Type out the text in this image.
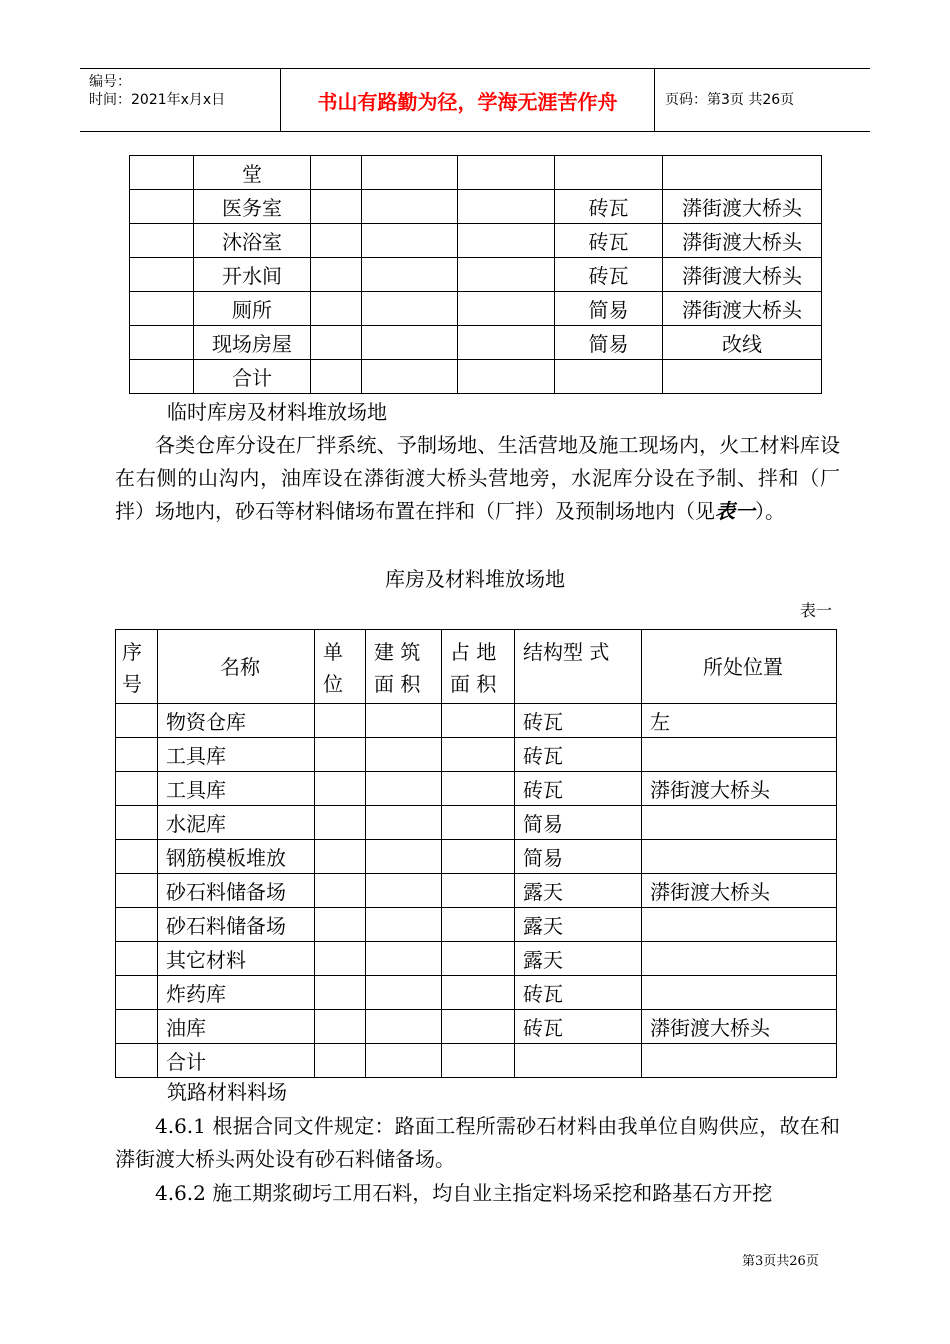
编号：
时间：2021年x月x日	书山有路勤为径，学海无涯苦作舟	页码：第3页 共26页
	堂					
	医务室				砖瓦	漭街渡大桥头
	沐浴室				砖瓦	漭街渡大桥头
	开水间				砖瓦	漭街渡大桥头
	厕所				简易	漭街渡大桥头
	现场房屋				简易	改线
	合计					
临时库房及材料堆放场地
各类仓库分设在厂拌系统、予制场地、生活营地及施工现场内，火工材料库设在右侧的山沟内，油库设在漭街渡大桥头营地旁，水泥库分设在予制、拌和（厂拌）场地内，砂石等材料储场布置在拌和（厂拌）及预制场地内（见表一）。
库房及材料堆放场地
表一
序号	名称	单位	建 筑面 积	占 地面 积	结构型 式	所处位置
	物资仓库				砖瓦	左
	工具库				砖瓦	
	工具库				砖瓦	漭街渡大桥头
	水泥库				简易	
	钢筋模板堆放				简易	
	砂石料储备场				露天	漭街渡大桥头
	砂石料储备场				露天	
	其它材料				露天	
	炸药库				砖瓦	
	油库				砖瓦	漭街渡大桥头
	合计					
筑路材料料场
4.6.1 根据合同文件规定：路面工程所需砂石材料由我单位自购供应，故在和漭街渡大桥头两处设有砂石料储备场。
4.6.2 施工期浆砌圬工用石料，均自业主指定料场采挖和路基石方开挖
第3页共26页
